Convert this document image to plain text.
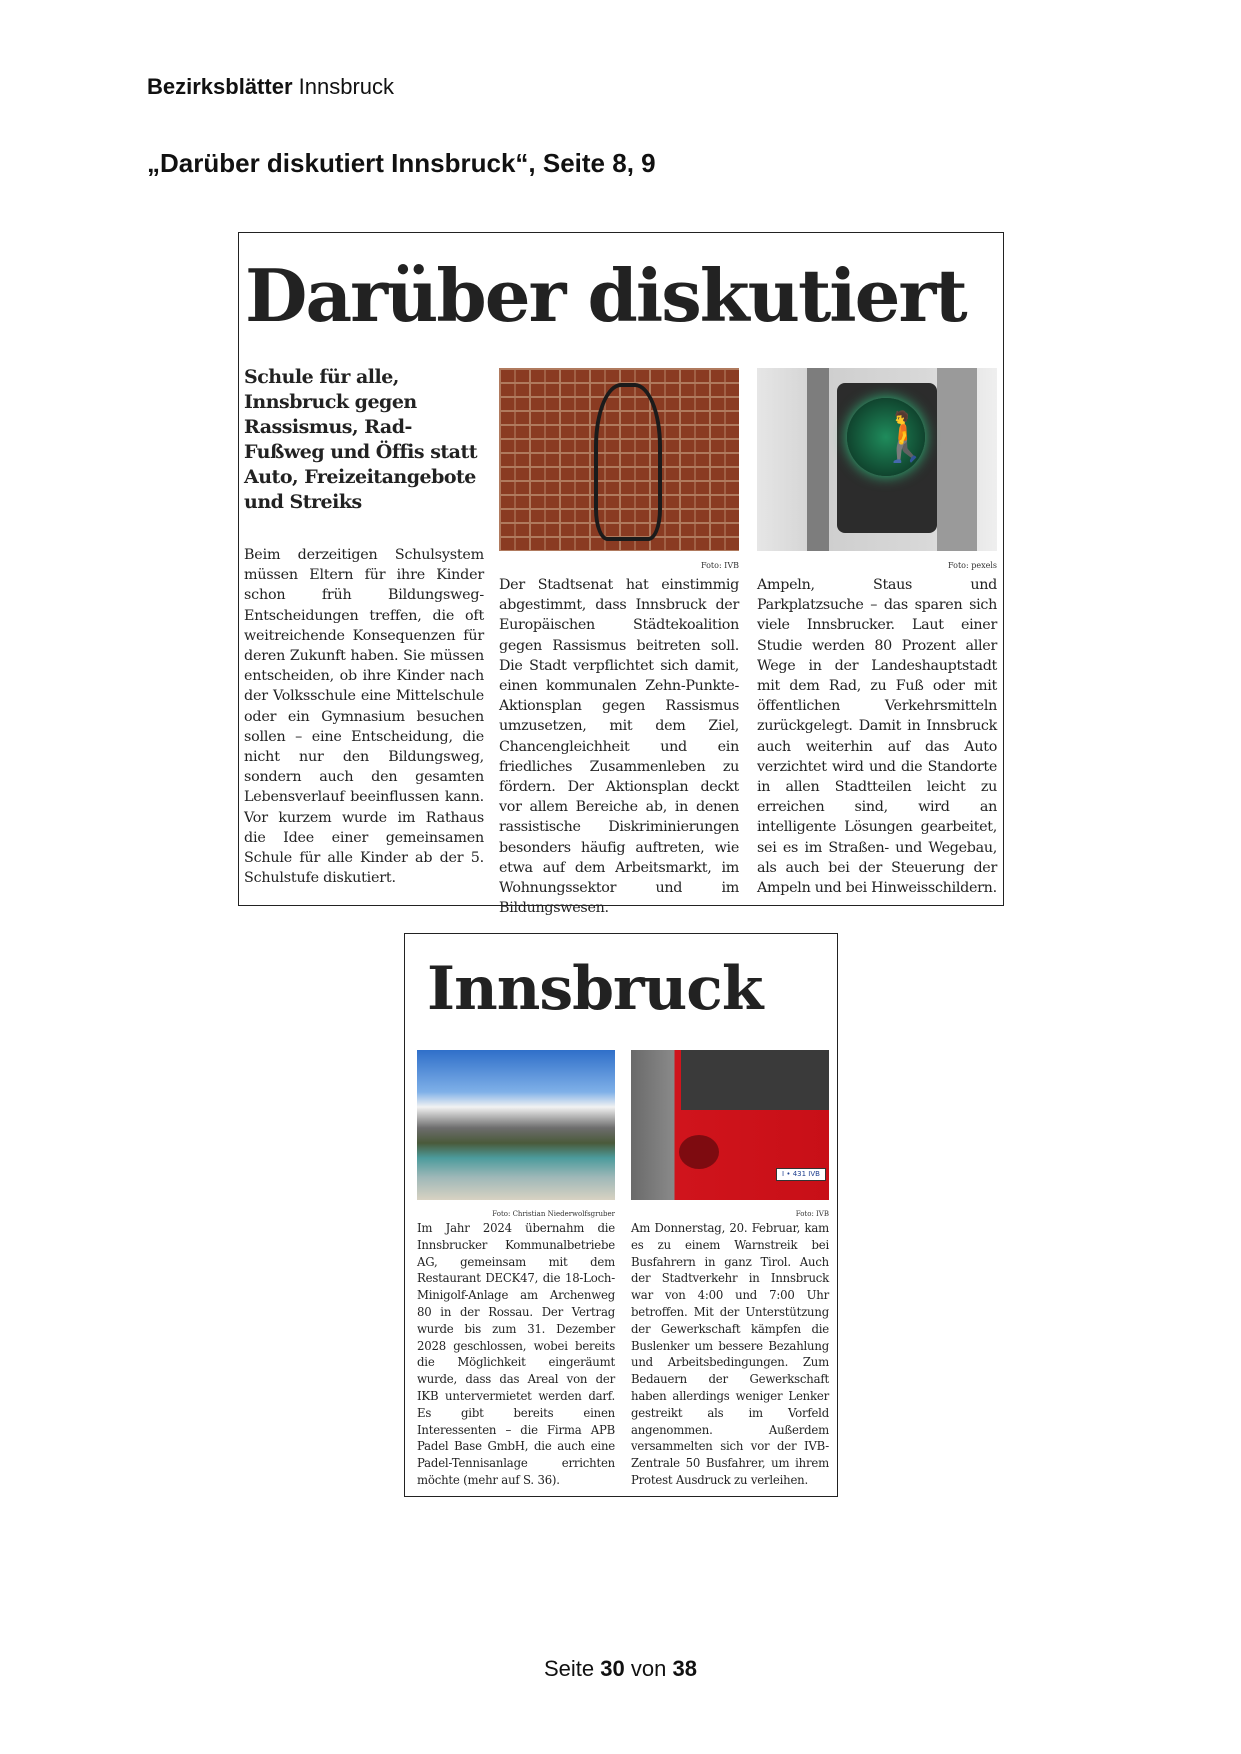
Bezirksblätter Innsbruck
„Darüber diskutiert Innsbruck“, Seite 8, 9
Darüber diskutiert
Schule für alle, Innsbruck gegen Rassismus, Rad- Fußweg und Öffis statt Auto, Freizeitangebote und Streiks
Beim derzeitigen Schulsystem müssen Eltern für ihre Kinder schon früh Bildungsweg-Entscheidungen treffen, die oft weitreichende Konsequenzen für deren Zukunft haben. Sie müssen entscheiden, ob ihre Kinder nach der Volksschule eine Mittelschule oder ein Gymnasium besuchen sollen – eine Entscheidung, die nicht nur den Bildungsweg, sondern auch den gesamten Lebensverlauf beeinflussen kann. Vor kurzem wurde im Rathaus die Idee einer gemeinsamen Schule für alle Kinder ab der 5. Schulstufe diskutiert.
Foto: IVB
Der Stadtsenat hat einstimmig abgestimmt, dass Innsbruck der Europäischen Städtekoalition gegen Rassismus beitreten soll. Die Stadt verpflichtet sich damit, einen kommunalen Zehn-Punkte-Aktionsplan gegen Rassismus umzusetzen, mit dem Ziel, Chancengleichheit und ein friedliches Zusammenleben zu fördern. Der Aktionsplan deckt vor allem Bereiche ab, in denen rassistische Diskriminierungen besonders häufig auftreten, wie etwa auf dem Arbeitsmarkt, im Wohnungssektor und im Bildungswesen.
🚶
Foto: pexels
Ampeln, Staus und Parkplatzsuche – das sparen sich viele Innsbrucker. Laut einer Studie werden 80 Prozent aller Wege in der Landeshauptstadt mit dem Rad, zu Fuß oder mit öffentlichen Verkehrsmitteln zurückgelegt. Damit in Innsbruck auch weiterhin auf das Auto verzichtet wird und die Standorte in allen Stadtteilen leicht zu erreichen sind, wird an intelligente Lösungen gearbeitet, sei es im Straßen- und Wegebau, als auch bei der Steuerung der Ampeln und bei Hinweisschildern.
Innsbruck
Foto: Christian Niederwolfsgruber
Im Jahr 2024 übernahm die Innsbrucker Kommunalbetriebe AG, gemeinsam mit dem Restaurant DECK47, die 18-Loch-Minigolf-Anlage am Archenweg 80 in der Rossau. Der Vertrag wurde bis zum 31. Dezember 2028 geschlossen, wobei bereits die Möglichkeit eingeräumt wurde, dass das Areal von der IKB untervermietet werden darf. Es gibt bereits einen Interessenten – die Firma APB Padel Base GmbH, die auch eine Padel-Tennisanlage errichten möchte (mehr auf S. 36).
I • 431 IVB
Foto: IVB
Am Donnerstag, 20. Februar, kam es zu einem Warnstreik bei Busfahrern in ganz Tirol. Auch der Stadtverkehr in Innsbruck war von 4:00 und 7:00 Uhr betroffen. Mit der Unterstützung der Gewerkschaft kämpfen die Buslenker um bessere Bezahlung und Arbeitsbedingungen. Zum Bedauern der Gewerkschaft haben allerdings weniger Lenker gestreikt als im Vorfeld angenommen. Außerdem versammelten sich vor der IVB-Zentrale 50 Busfahrer, um ihrem Protest Ausdruck zu verleihen.
Seite 30 von 38
